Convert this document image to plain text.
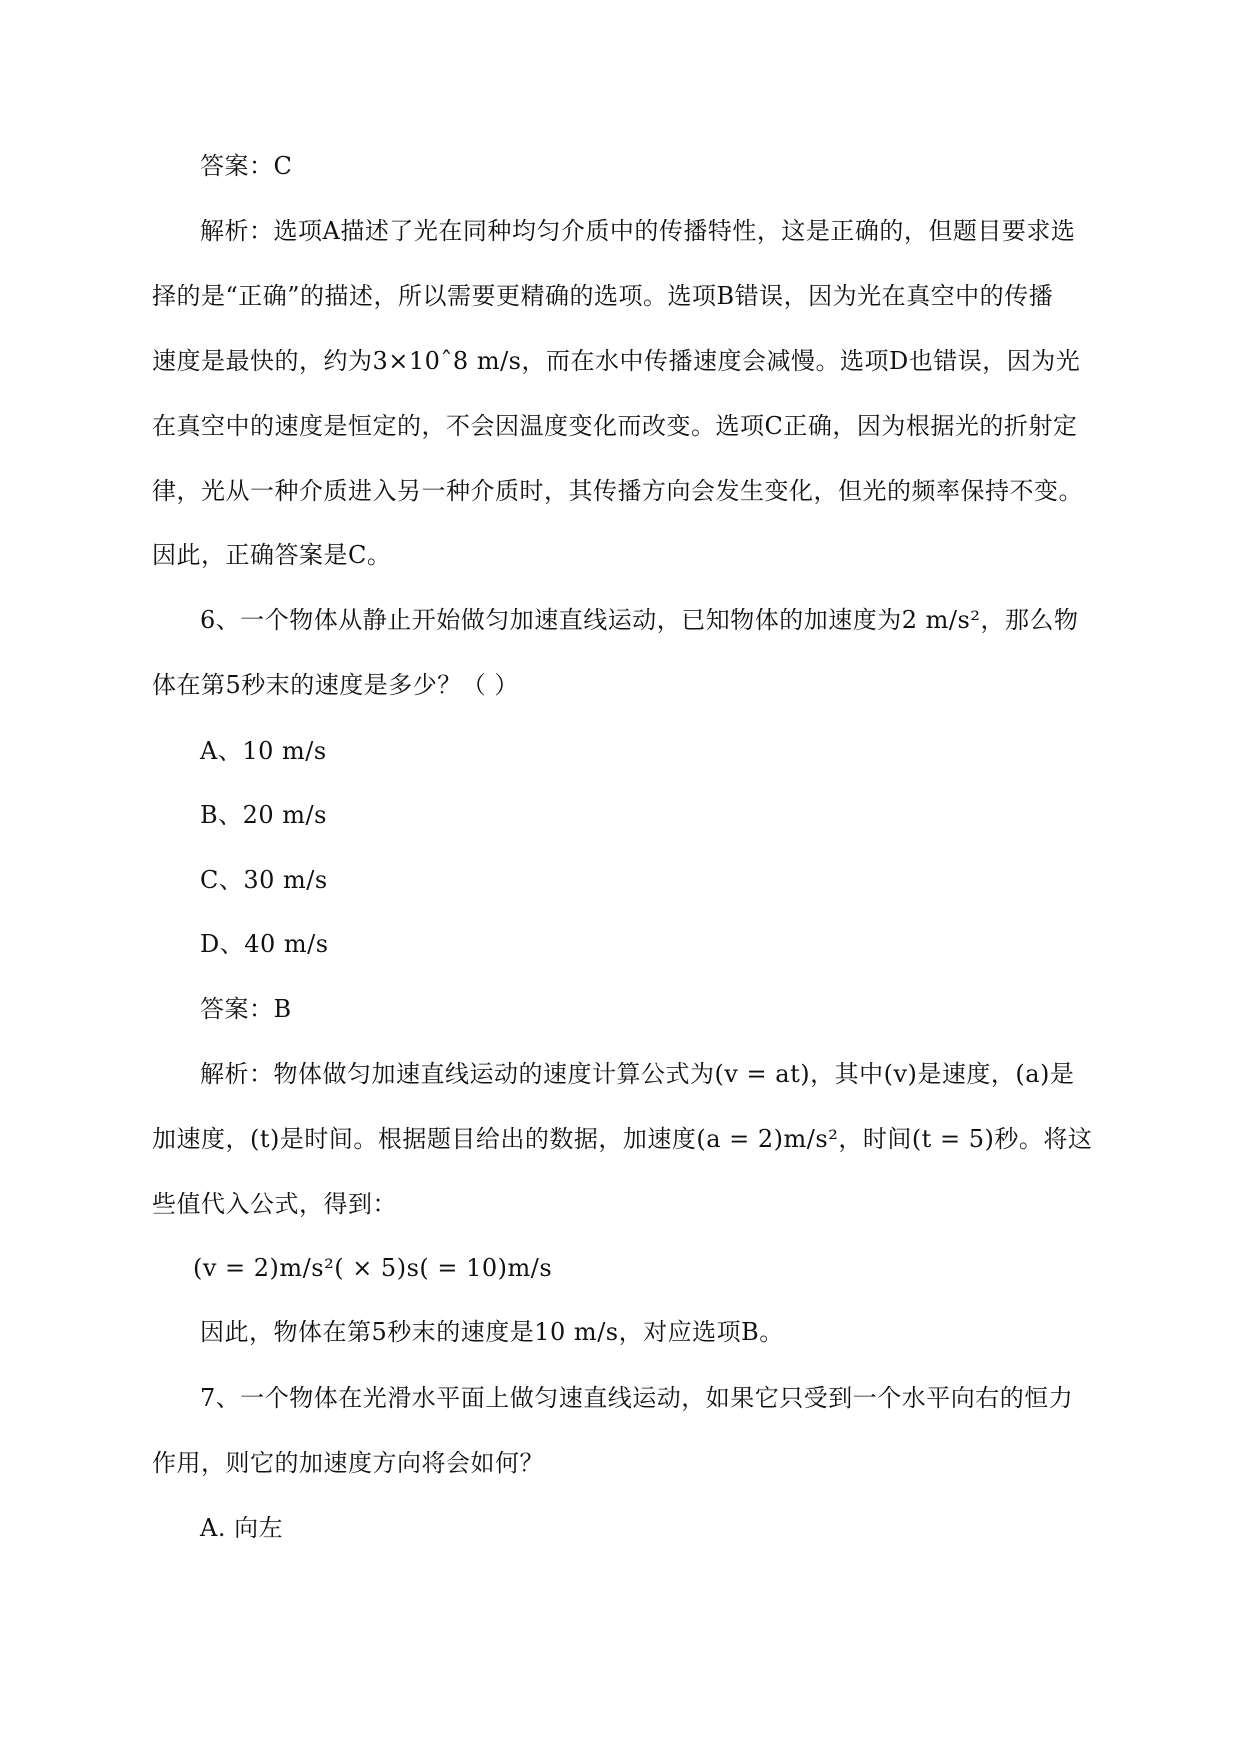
答案：C
解析：选项A描述了光在同种均匀介质中的传播特性，这是正确的，但题目要求选
择的是“正确”的描述，所以需要更精确的选项。选项B错误，因为光在真空中的传播
速度是最快的，约为3×10ˆ8 m/s，而在水中传播速度会减慢。选项D也错误，因为光
在真空中的速度是恒定的，不会因温度变化而改变。选项C正确，因为根据光的折射定
律，光从一种介质进入另一种介质时，其传播方向会发生变化，但光的频率保持不变。
因此，正确答案是C。
6、一个物体从静止开始做匀加速直线运动，已知物体的加速度为2 m/s²，那么物
体在第5秒末的速度是多少？（ ）
A、10 m/s
B、20 m/s
C、30 m/s
D、40 m/s
答案：B
解析：物体做匀加速直线运动的速度计算公式为(v = at)，其中(v)是速度，(a)是
加速度，(t)是时间。根据题目给出的数据，加速度(a = 2)m/s²，时间(t = 5)秒。将这
些值代入公式，得到：
(v = 2)m/s²( × 5)s( = 10)m/s
因此，物体在第5秒末的速度是10 m/s，对应选项B。
7、一个物体在光滑水平面上做匀速直线运动，如果它只受到一个水平向右的恒力
作用，则它的加速度方向将会如何？
A. 向左
